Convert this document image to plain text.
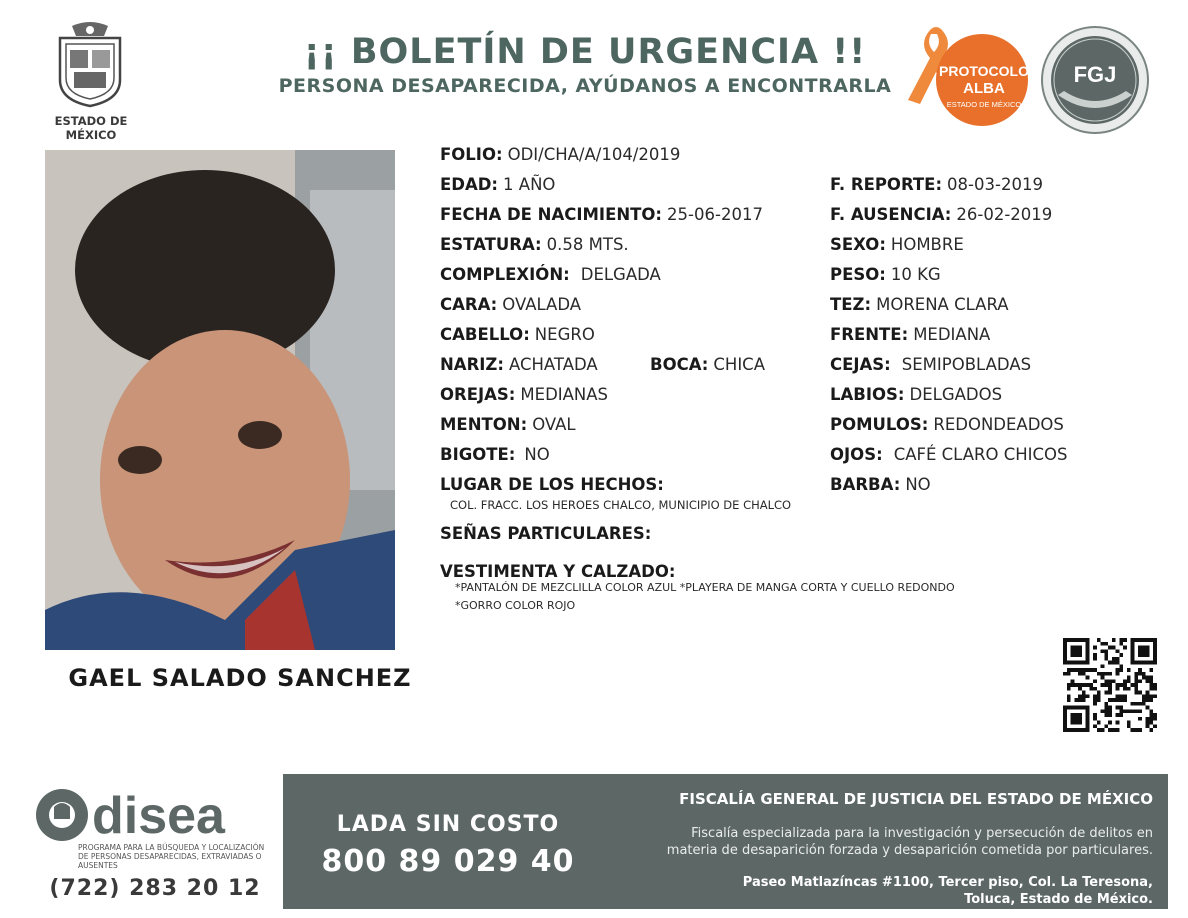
ESTADO DE MÉXICO
¡¡ BOLETÍN DE URGENCIA !!
PERSONA DESAPARECIDA, AYÚDANOS A ENCONTRARLA
PROTOCOLO
ALBA
ESTADO DE MÉXICO
FGJ
GAEL SALADO SANCHEZ
FOLIO: ODI/CHA/A/104/2019
EDAD: 1 AÑO	F. REPORTE: 08-03-2019
FECHA DE NACIMIENTO: 25-06-2017	F. AUSENCIA: 26-02-2019
ESTATURA: 0.58 MTS.	SEXO: HOMBRE
COMPLEXIÓN: DELGADA	PESO: 10 KG
CARA: OVALADA	TEZ: MORENA CLARA
CABELLO: NEGRO	FRENTE: MEDIANA
NARIZ: ACHATADA	BOCA: CHICA	CEJAS: SEMIPOBLADAS
OREJAS: MEDIANAS	LABIOS: DELGADOS
MENTON: OVAL	POMULOS: REDONDEADOS
BIGOTE: NO	OJOS: CAFÉ CLARO CHICOS
LUGAR DE LOS HECHOS:	BARBA: NO
COL. FRACC. LOS HEROES CHALCO, MUNICIPIO DE CHALCO
SEÑAS PARTICULARES:
VESTIMENTA Y CALZADO:
*PANTALÓN DE MEZCLILLA COLOR AZUL *PLAYERA DE MANGA CORTA Y CUELLO REDONDO
*GORRO COLOR ROJO
disea
PROGRAMA PARA LA BÚSQUEDA Y LOCALIZACIÓN DE PERSONAS DESAPARECIDAS, EXTRAVIADAS O AUSENTES
(722) 283 20 12
LADA SIN COSTO
800 89 029 40
FISCALÍA GENERAL DE JUSTICIA DEL ESTADO DE MÉXICO
Fiscalía especializada para la investigación y persecución de delitos en
materia de desaparición forzada y desaparición cometida por particulares.
Paseo Matlazíncas #1100, Tercer piso, Col. La Teresona,
Toluca, Estado de México.
